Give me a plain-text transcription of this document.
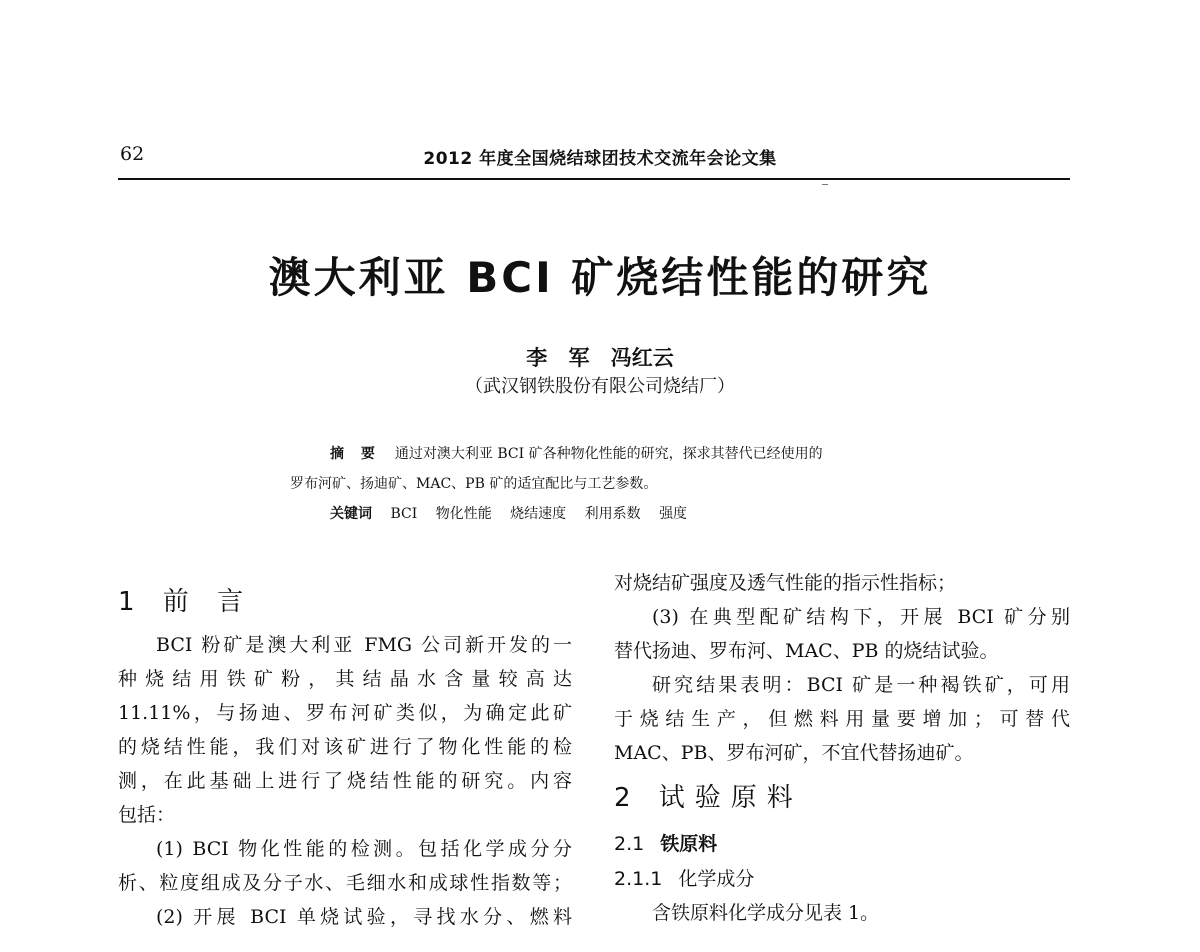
62	2012 年度全国烧结球团技术交流年会论文集
澳大利亚 BCI 矿烧结性能的研究
李 军 冯红云
（武汉钢铁股份有限公司烧结厂）
摘 要 通过对澳大利亚 BCI 矿各种物化性能的研究，探求其替代已经使用的
罗布河矿、扬迪矿、MAC、PB 矿的适宜配比与工艺参数。
关键词 BCI 物化性能 烧结速度 利用系数 强度
1 前 言

BCI 粉矿是澳大利亚 FMG 公司新开发的一

种烧结用铁矿粉，其结晶水含量较高达

11.11%，与扬迪、罗布河矿类似，为确定此矿

的烧结性能，我们对该矿进行了物化性能的检

测，在此基础上进行了烧结性能的研究。内容

包括：

(1) BCI 物化性能的检测。包括化学成分分

析、粒度组成及分子水、毛细水和成球性指数等；

(2) 开展 BCI 单烧试验，寻找水分、燃料

对烧结矿强度及透气性能的指示性指标；

(3) 在典型配矿结构下，开展 BCI 矿分别

替代扬迪、罗布河、MAC、PB 的烧结试验。

研究结果表明：BCI 矿是一种褐铁矿，可用

于烧结生产，但燃料用量要增加；可替代

MAC、PB、罗布河矿，不宜代替扬迪矿。

2 试验原料
2.1 铁原料
2.1.1 化学成分

含铁原料化学成分见表 1。
